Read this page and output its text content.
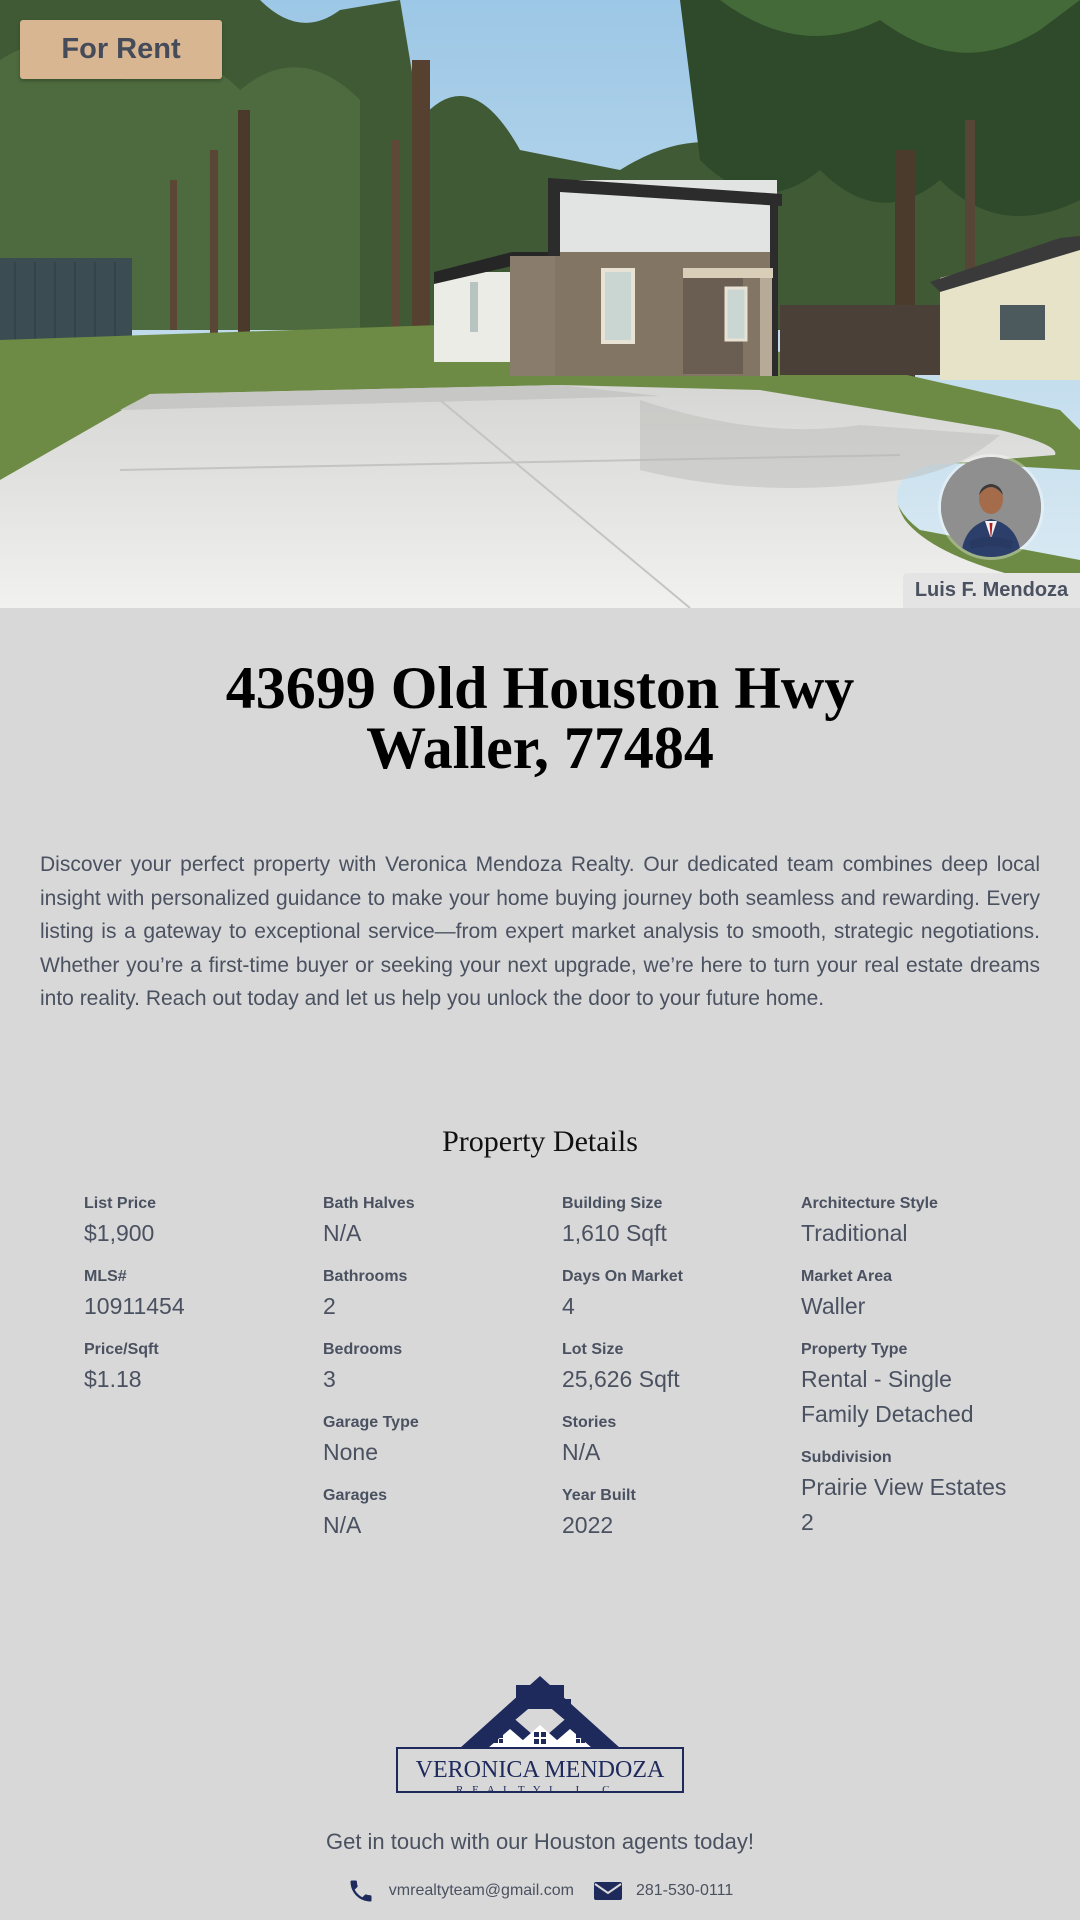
For Rent
Luis F. Mendoza
43699 Old Houston Hwy
Waller, 77484

Discover your perfect property with Veronica Mendoza Realty. Our dedicated team combines deep local insight with personalized guidance to make your home buying journey both seamless and rewarding. Every listing is a gateway to exceptional service—from expert market analysis to smooth, strategic negotiations. Whether you’re a first-time buyer or seeking your next upgrade, we’re here to turn your real estate dreams into reality. Reach out today and let us help you unlock the door to your future home.

Property Details
List Price
$1,900
MLS#
10911454
Price/Sqft
$1.18
Bath Halves
N/A
Bathrooms
2
Bedrooms
3
Garage Type
None
Garages
N/A
Building Size
1,610 Sqft
Days On Market
4
Lot Size
25,626 Sqft
Stories
N/A
Year Built
2022
Architecture Style
Traditional
Market Area
Waller
Property Type
Rental - Single Family Detached
Subdivision
Prairie View Estates 2
VERONICA MENDOZA
R E A L T Y L . L . C .
Get in touch with our Houston agents today!
vmrealtyteam@gmail.com	281-530-0111
